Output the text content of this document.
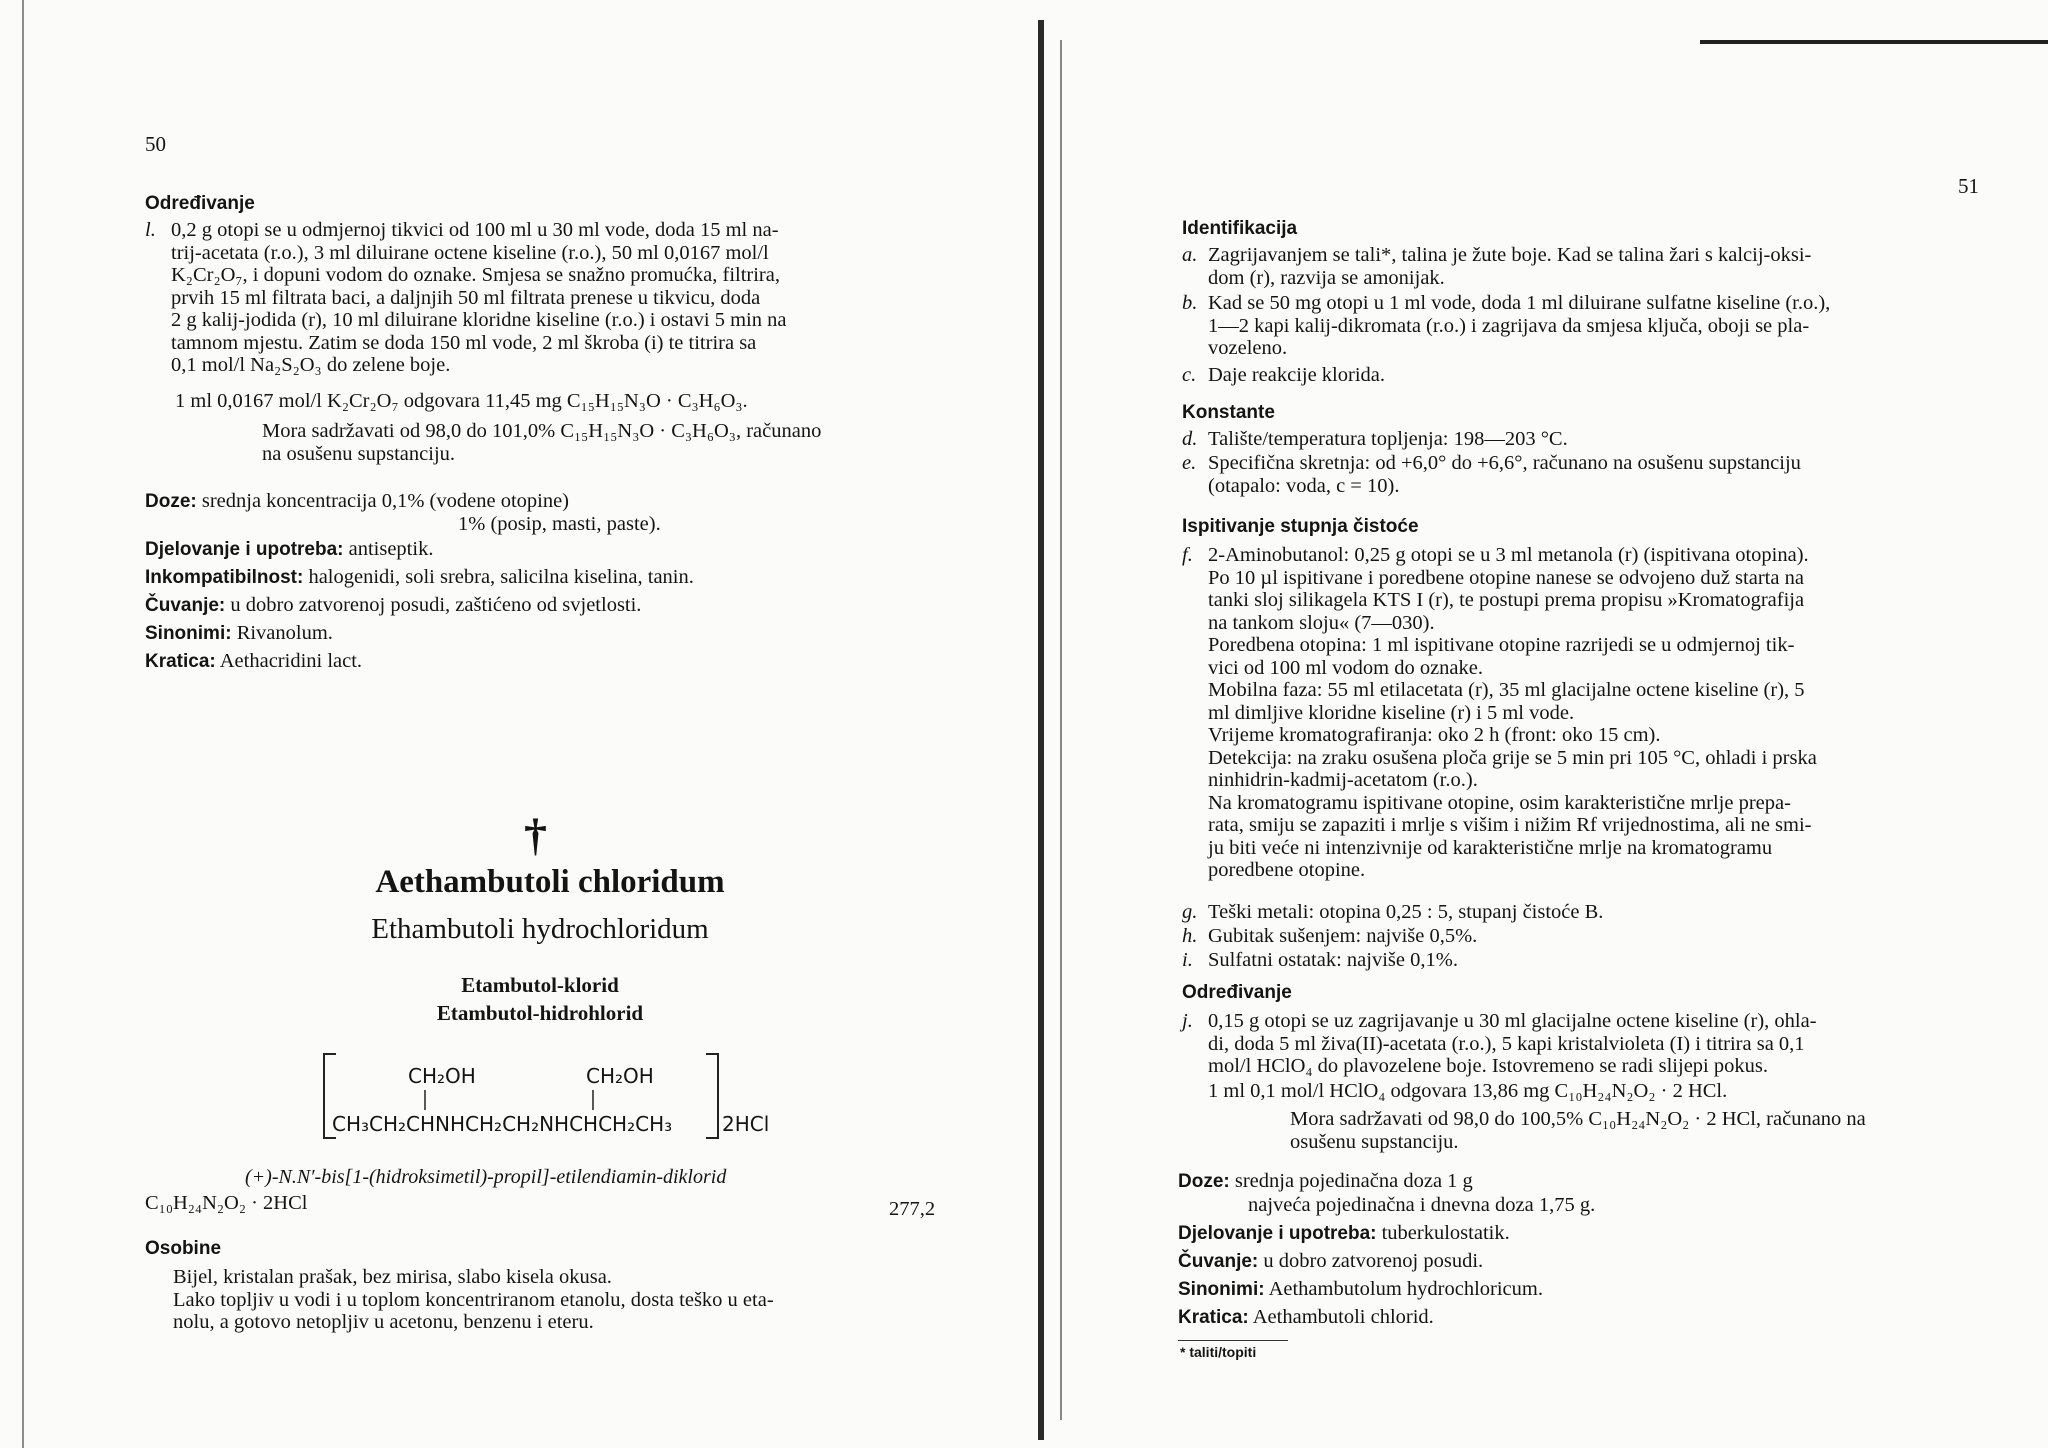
50
Određivanje
l. 0,2 g otopi se u odmjernoj tikvici od 100 ml u 30 ml vode, doda 15 ml na-
trij-acetata (r.o.), 3 ml diluirane octene kiseline (r.o.), 50 ml 0,0167 mol/l
K₂Cr₂O₇, i dopuni vodom do oznake. Smjesa se snažno promućka, filtrira,
prvih 15 ml filtrata baci, a daljnjih 50 ml filtrata prenese u tikvicu, doda
2 g kalij-jodida (r), 10 ml diluirane kloridne kiseline (r.o.) i ostavi 5 min na
tamnom mjestu. Zatim se doda 150 ml vode, 2 ml škroba (i) te titrira sa
0,1 mol/l Na₂S₂O₃ do zelene boje.
1 ml 0,0167 mol/l K₂Cr₂O₇ odgovara 11,45 mg C₁₅H₁₅N₃O · C₃H₆O₃.
Mora sadržavati od 98,0 do 101,0% C₁₅H₁₅N₃O · C₃H₆O₃, računano
na osušenu supstanciju.
Doze: srednja koncentracija 0,1% (vodene otopine)
1% (posip, masti, paste).
Djelovanje i upotreba: antiseptik.
Inkompatibilnost: halogenidi, soli srebra, salicilna kiselina, tanin.
Čuvanje: u dobro zatvorenoj posudi, zaštićeno od svjetlosti.
Sinonimi: Rivanolum.
Kratica: Aethacridini lact.
†
Aethambutoli chloridum
Ethambutoli hydrochloridum
Etambutol-klorid
Etambutol-hidrohlorid
CH₂OH	CH₂OH
CH₃CH₂CHNHCH₂CH₂NHCHCH₂CH₃ 2HCl
(+)-N.N′-bis[1-(hidroksimetil)-propil]-etilendiamin-diklorid
C₁₀H₂₄N₂O₂ · 2HCl	277,2
Osobine
Bijel, kristalan prašak, bez mirisa, slabo kisela okusa.
Lako topljiv u vodi i u toplom koncentriranom etanolu, dosta teško u eta-
nolu, a gotovo netopljiv u acetonu, benzenu i eteru.
51
Identifikacija
a. Zagrijavanjem se tali*, talina je žute boje. Kad se talina žari s kalcij-oksi-
dom (r), razvija se amonijak.
b. Kad se 50 mg otopi u 1 ml vode, doda 1 ml diluirane sulfatne kiseline (r.o.),
1—2 kapi kalij-dikromata (r.o.) i zagrijava da smjesa ključa, oboji se pla-
vozeleno.
c. Daje reakcije klorida.
Konstante
d. Talište/temperatura topljenja: 198—203 °C.
e. Specifična skretnja: od +6,0° do +6,6°, računano na osušenu supstanciju
(otapalo: voda, c = 10).
Ispitivanje stupnja čistoće
f. 2-Aminobutanol: 0,25 g otopi se u 3 ml metanola (r) (ispitivana otopina).
Po 10 µl ispitivane i poredbene otopine nanese se odvojeno duž starta na
tanki sloj silikagela KTS I (r), te postupi prema propisu »Kromatografija
na tankom sloju« (7—030).
Poredbena otopina: 1 ml ispitivane otopine razrijedi se u odmjernoj tik-
vici od 100 ml vodom do oznake.
Mobilna faza: 55 ml etilacetata (r), 35 ml glacijalne octene kiseline (r), 5
ml dimljive kloridne kiseline (r) i 5 ml vode.
Vrijeme kromatografiranja: oko 2 h (front: oko 15 cm).
Detekcija: na zraku osušena ploča grije se 5 min pri 105 °C, ohladi i prska
ninhidrin-kadmij-acetatom (r.o.).
Na kromatogramu ispitivane otopine, osim karakteristične mrlje prepa-
rata, smiju se zapaziti i mrlje s višim i nižim Rf vrijednostima, ali ne smi-
ju biti veće ni intenzivnije od karakteristične mrlje na kromatogramu
poredbene otopine.
g. Teški metali: otopina 0,25 : 5, stupanj čistoće B.
h. Gubitak sušenjem: najviše 0,5%.
i. Sulfatni ostatak: najviše 0,1%.
Određivanje
j. 0,15 g otopi se uz zagrijavanje u 30 ml glacijalne octene kiseline (r), ohla-
di, doda 5 ml živa(II)-acetata (r.o.), 5 kapi kristalvioleta (I) i titrira sa 0,1
mol/l HClO₄ do plavozelene boje. Istovremeno se radi slijepi pokus.
1 ml 0,1 mol/l HClO₄ odgovara 13,86 mg C₁₀H₂₄N₂O₂ · 2 HCl.
Mora sadržavati od 98,0 do 100,5% C₁₀H₂₄N₂O₂ · 2 HCl, računano na
osušenu supstanciju.
Doze: srednja pojedinačna doza 1 g
najveća pojedinačna i dnevna doza 1,75 g.
Djelovanje i upotreba: tuberkulostatik.
Čuvanje: u dobro zatvorenoj posudi.
Sinonimi: Aethambutolum hydrochloricum.
Kratica: Aethambutoli chlorid.
* taliti/topiti
